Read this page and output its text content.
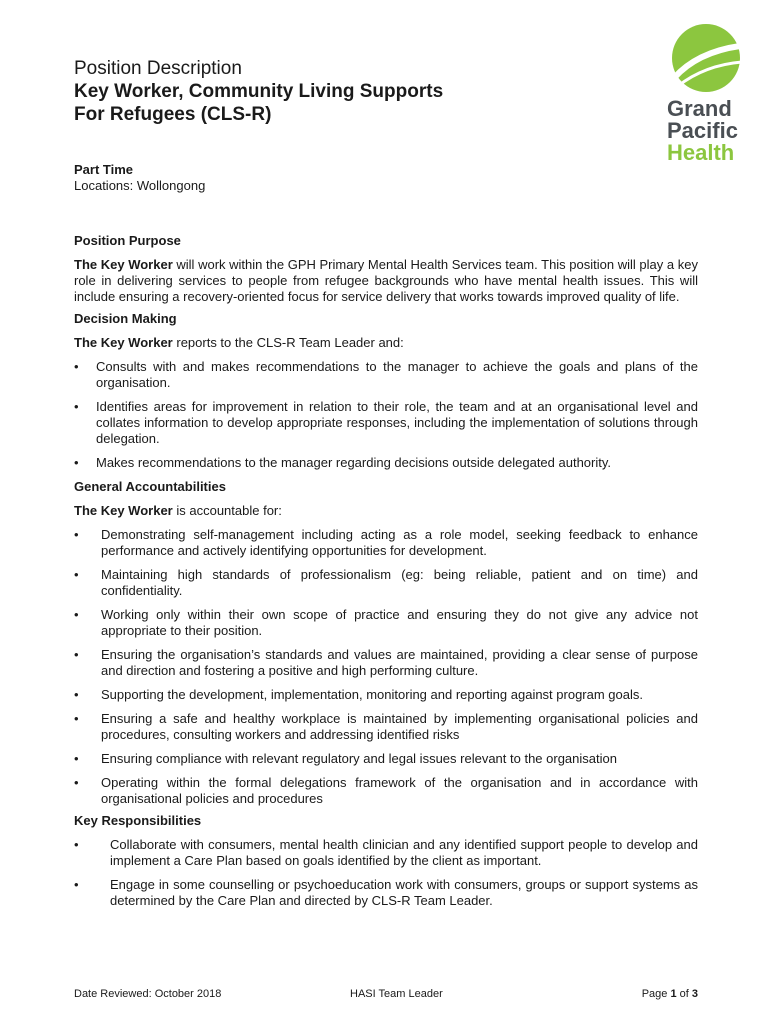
Position Description

Key Worker, Community Living Supports

For Refugees (CLS-R)	Grand
Pacific
Health
Part Time
Locations: Wollongong
Position Purpose

The Key Worker will work within the GPH Primary Mental Health Services team. This position will play a key role in delivering services to people from refugee backgrounds who have mental health issues. This will include ensuring a recovery-oriented focus for service delivery that works towards improved quality of life.

Decision Making

The Key Worker reports to the CLS-R Team Leader and:

• Consults with and makes recommendations to the manager to achieve the goals and plans of the organisation.
• Identifies areas for improvement in relation to their role, the team and at an organisational level and collates information to develop appropriate responses, including the implementation of solutions through delegation.
• Makes recommendations to the manager regarding decisions outside delegated authority.
General Accountabilities

The Key Worker is accountable for:

• Demonstrating self-management including acting as a role model, seeking feedback to enhance performance and actively identifying opportunities for development.
• Maintaining high standards of professionalism (eg: being reliable, patient and on time) and confidentiality.
• Working only within their own scope of practice and ensuring they do not give any advice not appropriate to their position.
• Ensuring the organisation’s standards and values are maintained, providing a clear sense of purpose and direction and fostering a positive and high performing culture.
• Supporting the development, implementation, monitoring and reporting against program goals.
• Ensuring a safe and healthy workplace is maintained by implementing organisational policies and procedures, consulting workers and addressing identified risks
• Ensuring compliance with relevant regulatory and legal issues relevant to the organisation
• Operating within the formal delegations framework of the organisation and in accordance with organisational policies and procedures
Key Responsibilities
• Collaborate with consumers, mental health clinician and any identified support people to develop and implement a Care Plan based on goals identified by the client as important.
• Engage in some counselling or psychoeducation work with consumers, groups or support systems as determined by the Care Plan and directed by CLS-R Team Leader.
Date Reviewed: October 2018	HASI Team Leader	Page 1 of 3
